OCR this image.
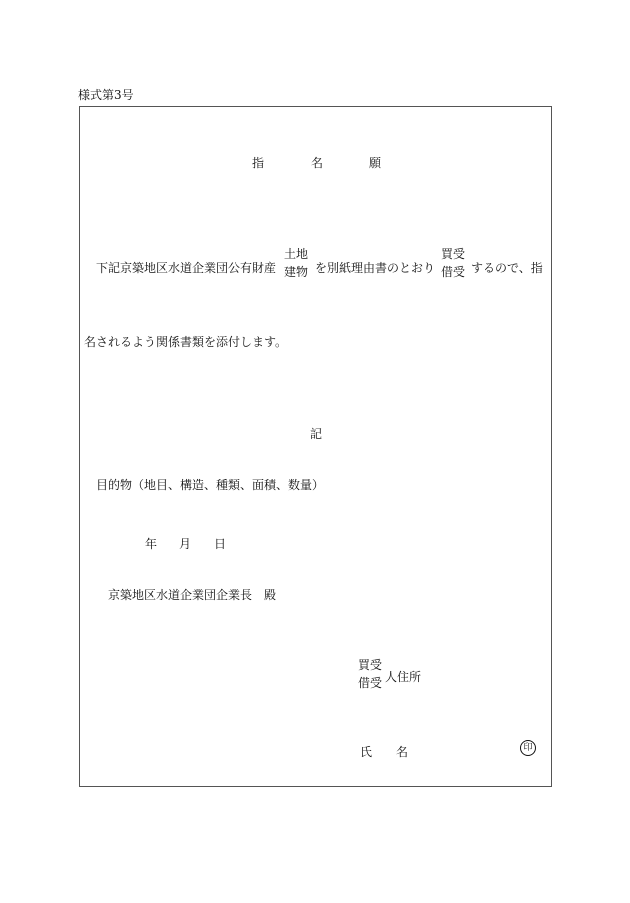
様式第3号
指	名	願
下記京築地区水道企業団公有財産
土地
建物 を別紙理由書のとおり
買受
借受 するので、指
名されるよう関係書類を添付します。
記
目的物（地目、構造、種類、面積、数量）
年 月 日
京築地区水道企業団企業長　殿
買受
借受 人住所
氏 名	印
